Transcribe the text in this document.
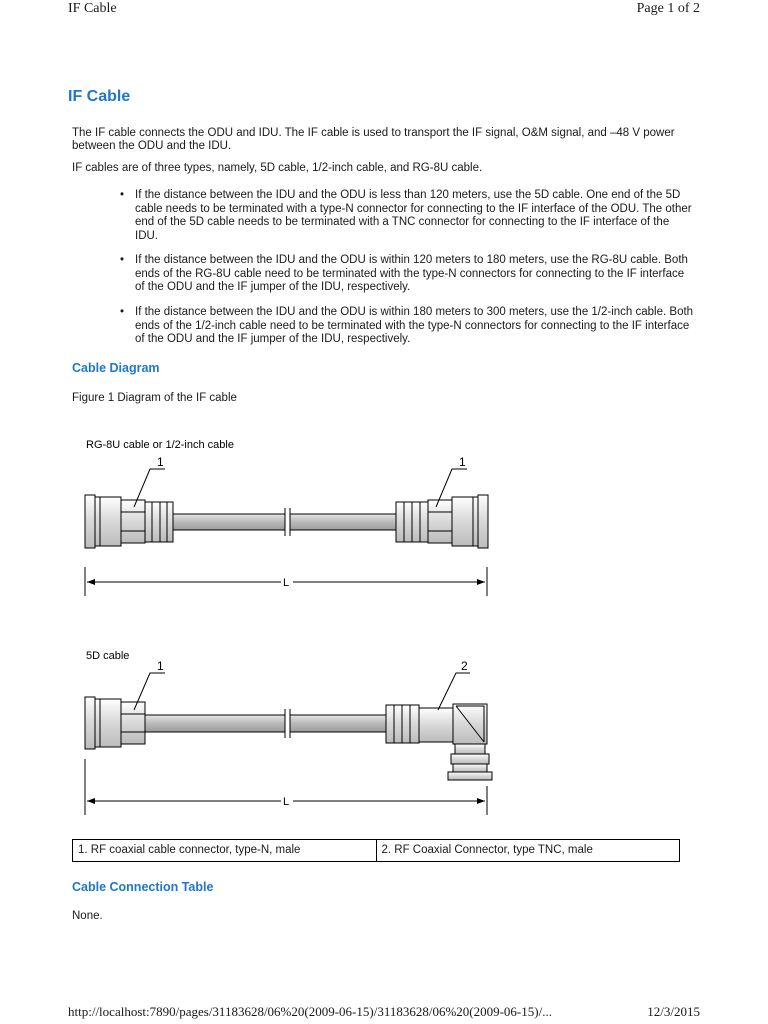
IF Cable	Page 1 of 2
IF Cable
The IF cable connects the ODU and IDU. The IF cable is used to transport the IF signal, O&M signal, and –48 V power between the ODU and the IDU.
IF cables are of three types, namely, 5D cable, 1/2-inch cable, and RG-8U cable.
• If the distance between the IDU and the ODU is less than 120 meters, use the 5D cable. One end of the 5D cable needs to be terminated with a type-N connector for connecting to the IF interface of the ODU. The other end of the 5D cable needs to be terminated with a TNC connector for connecting to the IF interface of the IDU.
• If the distance between the IDU and the ODU is within 120 meters to 180 meters, use the RG-8U cable. Both ends of the RG-8U cable need to be terminated with the type-N connectors for connecting to the IF interface of the ODU and the IF jumper of the IDU, respectively.
• If the distance between the IDU and the ODU is within 180 meters to 300 meters, use the 1/2-inch cable. Both ends of the 1/2-inch cable need to be terminated with the type-N connectors for connecting to the IF interface of the ODU and the IF jumper of the IDU, respectively.
Cable Diagram
Figure 1 Diagram of the IF cable
RG-8U cable or 1/2-inch cable
1	1
L
5D cable
1	2
L
1. RF coaxial cable connector, type-N, male	2. RF Coaxial Connector, type TNC, male
Cable Connection Table
None.
http://localhost:7890/pages/31183628/06%20(2009-06-15)/31183628/06%20(2009-06-15)/...	12/3/2015
